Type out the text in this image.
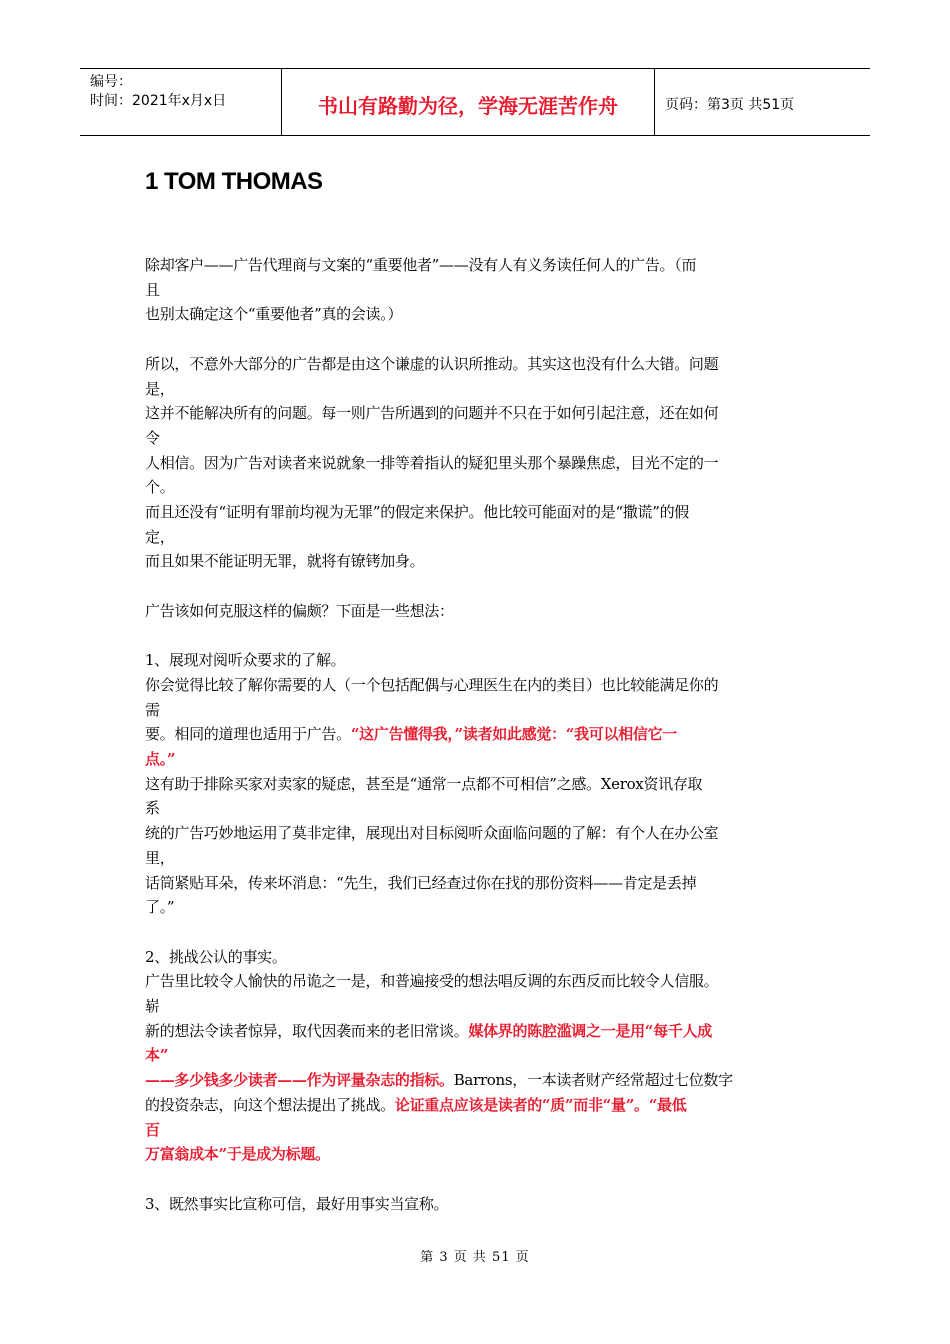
编号：
时间：2021年x月x日	书山有路勤为径，学海无涯苦作舟	页码：第3页 共51页
1 TOM THOMAS
除却客户——广告代理商与文案的“重要他者”——没有人有义务读任何人的广告。（而
且
也别太确定这个“重要他者”真的会读。）
所以，不意外大部分的广告都是由这个谦虚的认识所推动。其实这也没有什么大错。问题
是，
这并不能解决所有的问题。每一则广告所遇到的问题并不只在于如何引起注意，还在如何
令
人相信。因为广告对读者来说就象一排等着指认的疑犯里头那个暴躁焦虑，目光不定的一
个。
而且还没有“证明有罪前均视为无罪”的假定来保护。他比较可能面对的是“撒谎”的假
定，
而且如果不能证明无罪，就将有镣铐加身。
广告该如何克服这样的偏颇？下面是一些想法：
1、展现对阅听众要求的了解。
你会觉得比较了解你需要的人（一个包括配偶与心理医生在内的类目）也比较能满足你的
需
要。相同的道理也适用于广告。“这广告懂得我，”读者如此感觉：“我可以相信它一
点。”
这有助于排除买家对卖家的疑虑，甚至是“通常一点都不可相信”之感。Xerox资讯存取
系
统的广告巧妙地运用了莫非定律，展现出对目标阅听众面临问题的了解：有个人在办公室
里，
话筒紧贴耳朵，传来坏消息：“先生，我们已经查过你在找的那份资料——肯定是丢掉
了。”
2、挑战公认的事实。
广告里比较令人愉快的吊诡之一是，和普遍接受的想法唱反调的东西反而比较令人信服。
崭
新的想法令读者惊异，取代因袭而来的老旧常谈。媒体界的陈腔滥调之一是用“每千人成
本”
——多少钱多少读者——作为评量杂志的指标。Barrons，一本读者财产经常超过七位数字
的投资杂志，向这个想法提出了挑战。论证重点应该是读者的“质”而非“量”。“最低
百
万富翁成本”于是成为标题。
3、既然事实比宣称可信，最好用事实当宣称。
第 3 页 共 51 页
